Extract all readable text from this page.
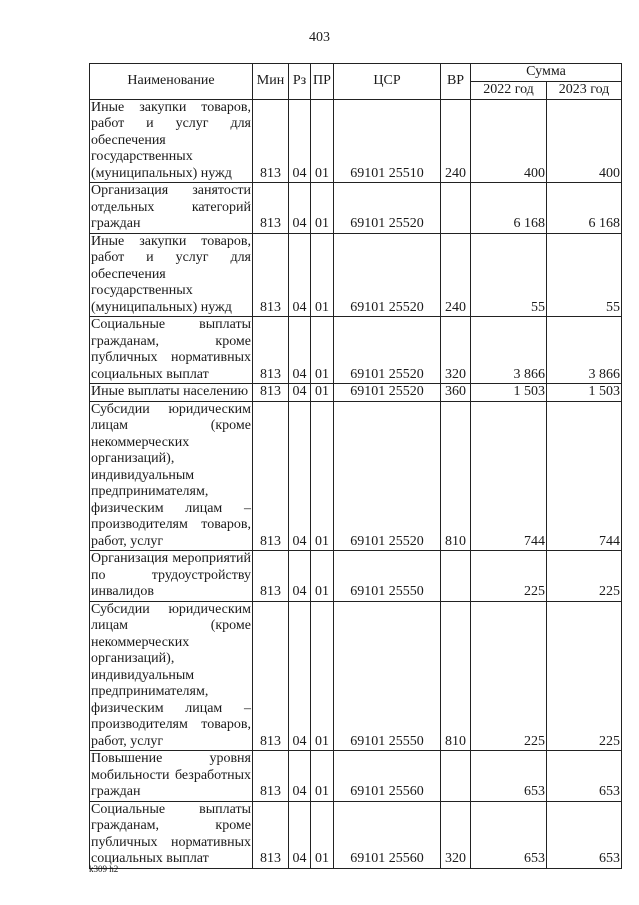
403
Наименование	Мин	Рз	ПР	ЦСР	ВР	Сумма	
						2022 год	2023 год
Иные закупки товаров, работ и услуг для обеспечения государственных (муниципальных) нужд	813	04	01	69101 25510	240	400	400
Организация занятости отдельных категорий граждан	813	04	01	69101 25520		6 168	6 168
Иные закупки товаров, работ и услуг для обеспечения государственных (муниципальных) нужд	813	04	01	69101 25520	240	55	55
Социальные выплаты гражданам, кроме публичных нормативных социальных выплат	813	04	01	69101 25520	320	3 866	3 866
Иные выплаты населению	813	04	01	69101 25520	360	1 503	1 503
Субсидии юридическим лицам (кроме некоммерческих организаций), индивидуальным предпринимателям, физическим лицам – производителям товаров, работ, услуг	813	04	01	69101 25520	810	744	744
Организация мероприятий по трудоустройству инвалидов	813	04	01	69101 25550		225	225
Субсидии юридическим лицам (кроме некоммерческих организаций), индивидуальным предпринимателям, физическим лицам – производителям товаров, работ, услуг	813	04	01	69101 25550	810	225	225
Повышение уровня мобильности безработных граждан	813	04	01	69101 25560		653	653
Социальные выплаты гражданам, кроме публичных нормативных социальных выплат	813	04	01	69101 25560	320	653	653
k309 h2
